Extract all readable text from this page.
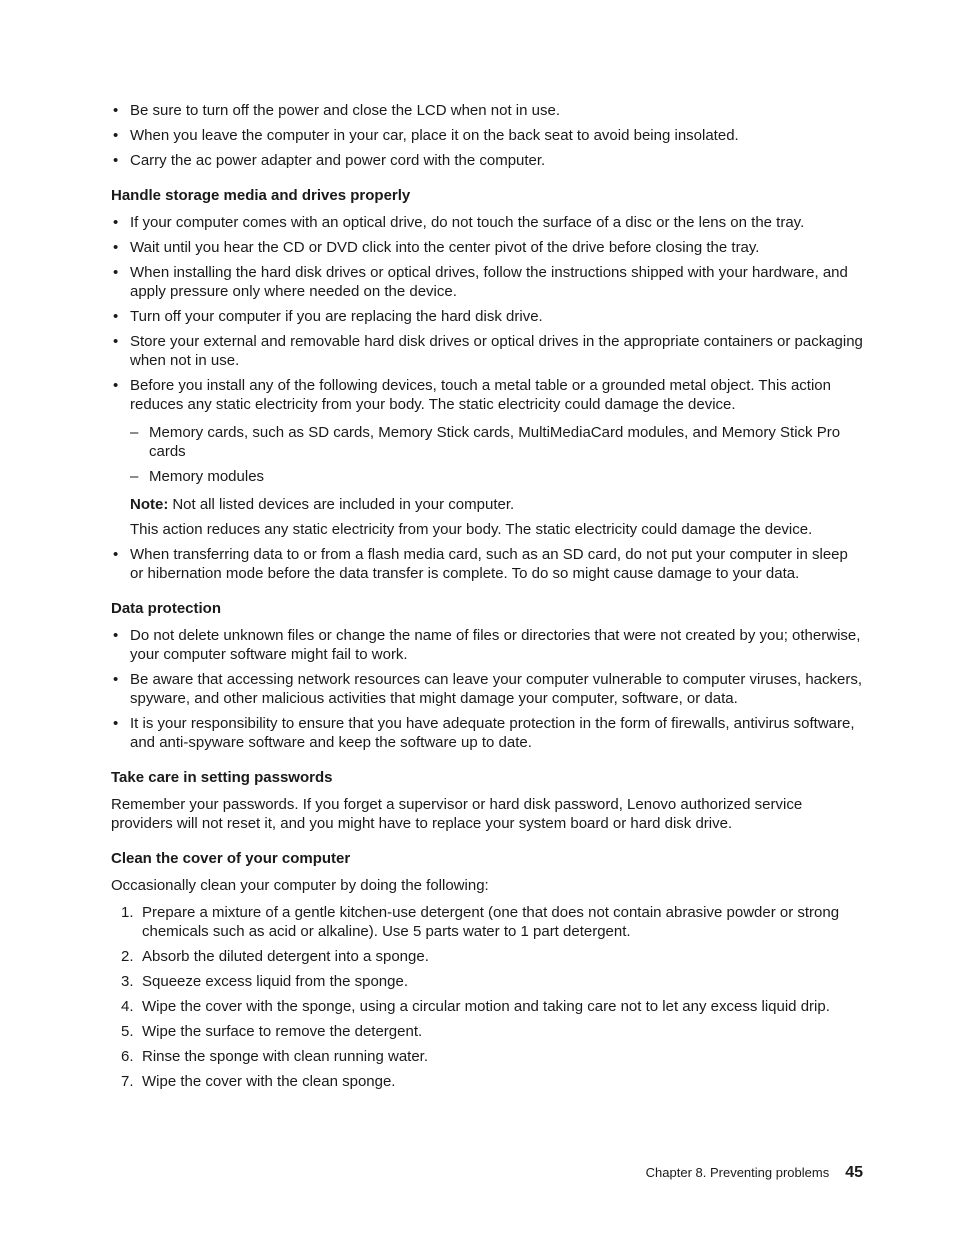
• Be sure to turn off the power and close the LCD when not in use.
• When you leave the computer in your car, place it on the back seat to avoid being insolated.
• Carry the ac power adapter and power cord with the computer.
Handle storage media and drives properly
• If your computer comes with an optical drive, do not touch the surface of a disc or the lens on the tray.
• Wait until you hear the CD or DVD click into the center pivot of the drive before closing the tray.
• When installing the hard disk drives or optical drives, follow the instructions shipped with your hardware, and apply pressure only where needed on the device.
• Turn off your computer if you are replacing the hard disk drive.
• Store your external and removable hard disk drives or optical drives in the appropriate containers or packaging when not in use.
• Before you install any of the following devices, touch a metal table or a grounded metal object. This action reduces any static electricity from your body. The static electricity could damage the device.
– Memory cards, such as SD cards, Memory Stick cards, MultiMediaCard modules, and Memory Stick Pro cards
– Memory modules
Note: Not all listed devices are included in your computer.
This action reduces any static electricity from your body. The static electricity could damage the device.
• When transferring data to or from a flash media card, such as an SD card, do not put your computer in sleep or hibernation mode before the data transfer is complete. To do so might cause damage to your data.
Data protection
• Do not delete unknown files or change the name of files or directories that were not created by you; otherwise, your computer software might fail to work.
• Be aware that accessing network resources can leave your computer vulnerable to computer viruses, hackers, spyware, and other malicious activities that might damage your computer, software, or data.
• It is your responsibility to ensure that you have adequate protection in the form of firewalls, antivirus software, and anti-spyware software and keep the software up to date.
Take care in setting passwords
Remember your passwords. If you forget a supervisor or hard disk password, Lenovo authorized service providers will not reset it, and you might have to replace your system board or hard disk drive.
Clean the cover of your computer
Occasionally clean your computer by doing the following:
1. Prepare a mixture of a gentle kitchen-use detergent (one that does not contain abrasive powder or strong chemicals such as acid or alkaline). Use 5 parts water to 1 part detergent.
2. Absorb the diluted detergent into a sponge.
3. Squeeze excess liquid from the sponge.
4. Wipe the cover with the sponge, using a circular motion and taking care not to let any excess liquid drip.
5. Wipe the surface to remove the detergent.
6. Rinse the sponge with clean running water.
7. Wipe the cover with the clean sponge.
Chapter 8. Preventing problems 45
